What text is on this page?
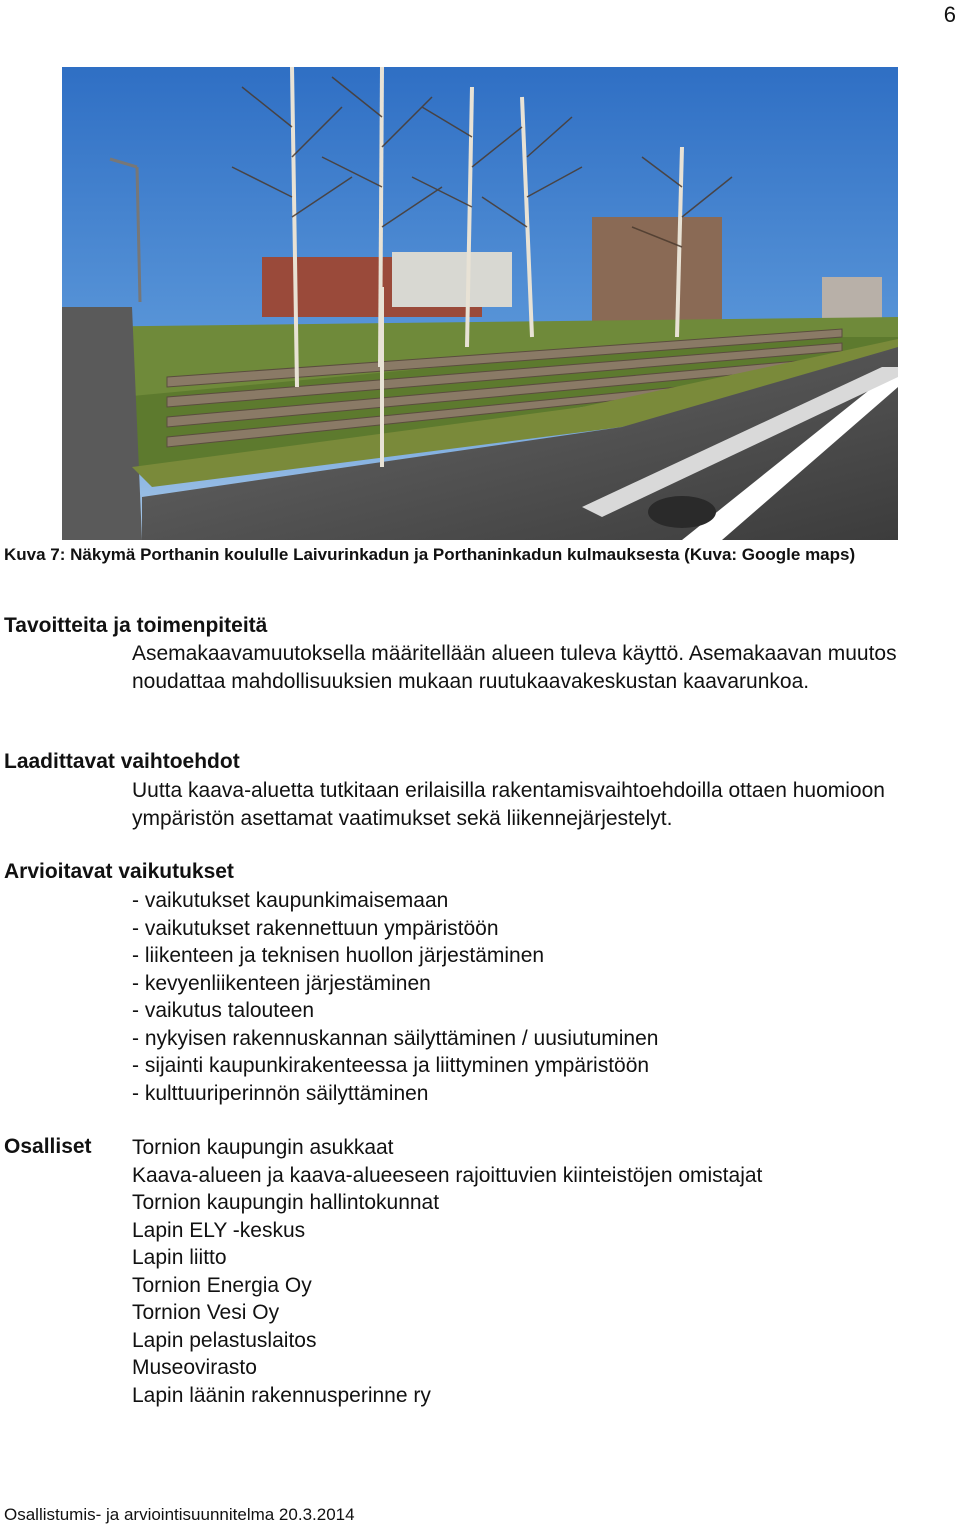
6
Kuva 7: Näkymä Porthanin koululle Laivurinkadun ja Porthaninkadun kulmauksesta (Kuva: Google maps)
Tavoitteita ja toimenpiteitä
Asemakaavamuutoksella määritellään alueen tuleva käyttö. Asemakaavan muutos noudattaa mahdollisuuksien mukaan ruutukaavakeskustan kaavarunkoa.
Laadittavat vaihtoehdot
Uutta kaava-aluetta tutkitaan erilaisilla rakentamisvaihtoehdoilla ottaen huomioon ympäristön asettamat vaatimukset sekä liikennejärjestelyt.
Arvioitavat vaikutukset
- vaikutukset kaupunkimaisemaan
- vaikutukset rakennettuun ympäristöön
- liikenteen ja teknisen huollon järjestäminen
- kevyenliikenteen järjestäminen
- vaikutus talouteen
- nykyisen rakennuskannan säilyttäminen / uusiutuminen
- sijainti kaupunkirakenteessa ja liittyminen ympäristöön
- kulttuuriperinnön säilyttäminen
Osalliset Tornion kaupungin asukkaat
Kaava-alueen ja kaava-alueeseen rajoittuvien kiinteistöjen omistajat
Tornion kaupungin hallintokunnat
Lapin ELY -keskus
Lapin liitto
Tornion Energia Oy
Tornion Vesi Oy
Lapin pelastuslaitos
Museovirasto
Lapin läänin rakennusperinne ry
Osallistumis- ja arviointisuunnitelma 20.3.2014
